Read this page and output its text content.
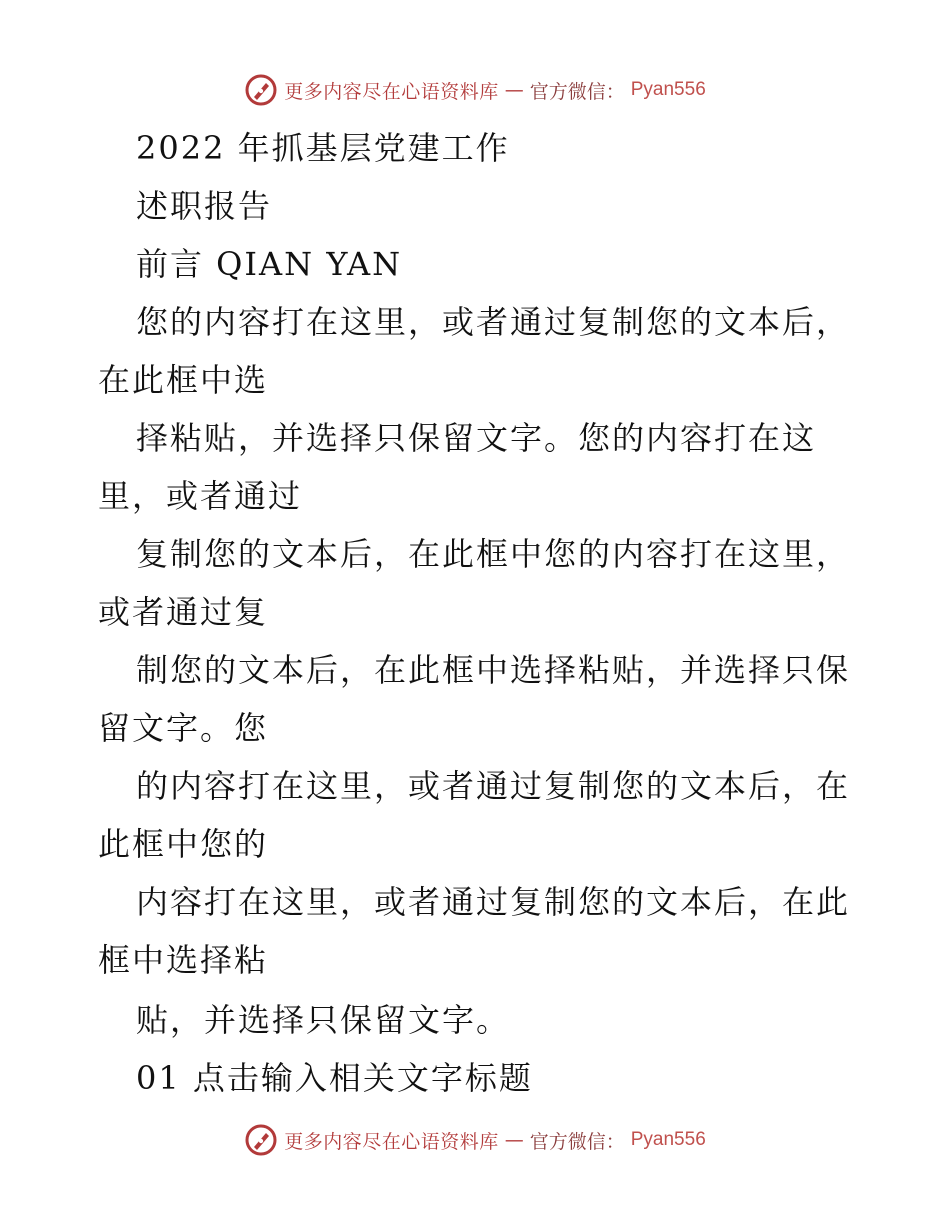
更多内容尽在心语资料库 — 官方微信： Pyan556
2022 年抓基层党建工作
述职报告
前言 QIAN YAN
您的内容打在这里，或者通过复制您的文本后，
在此框中选
择粘贴，并选择只保留文字。您的内容打在这
里，或者通过
复制您的文本后，在此框中您的内容打在这里，
或者通过复
制您的文本后，在此框中选择粘贴，并选择只保
留文字。您
的内容打在这里，或者通过复制您的文本后，在
此框中您的
内容打在这里，或者通过复制您的文本后，在此
框中选择粘
贴，并选择只保留文字。
01 点击输入相关文字标题
更多内容尽在心语资料库 — 官方微信： Pyan556
